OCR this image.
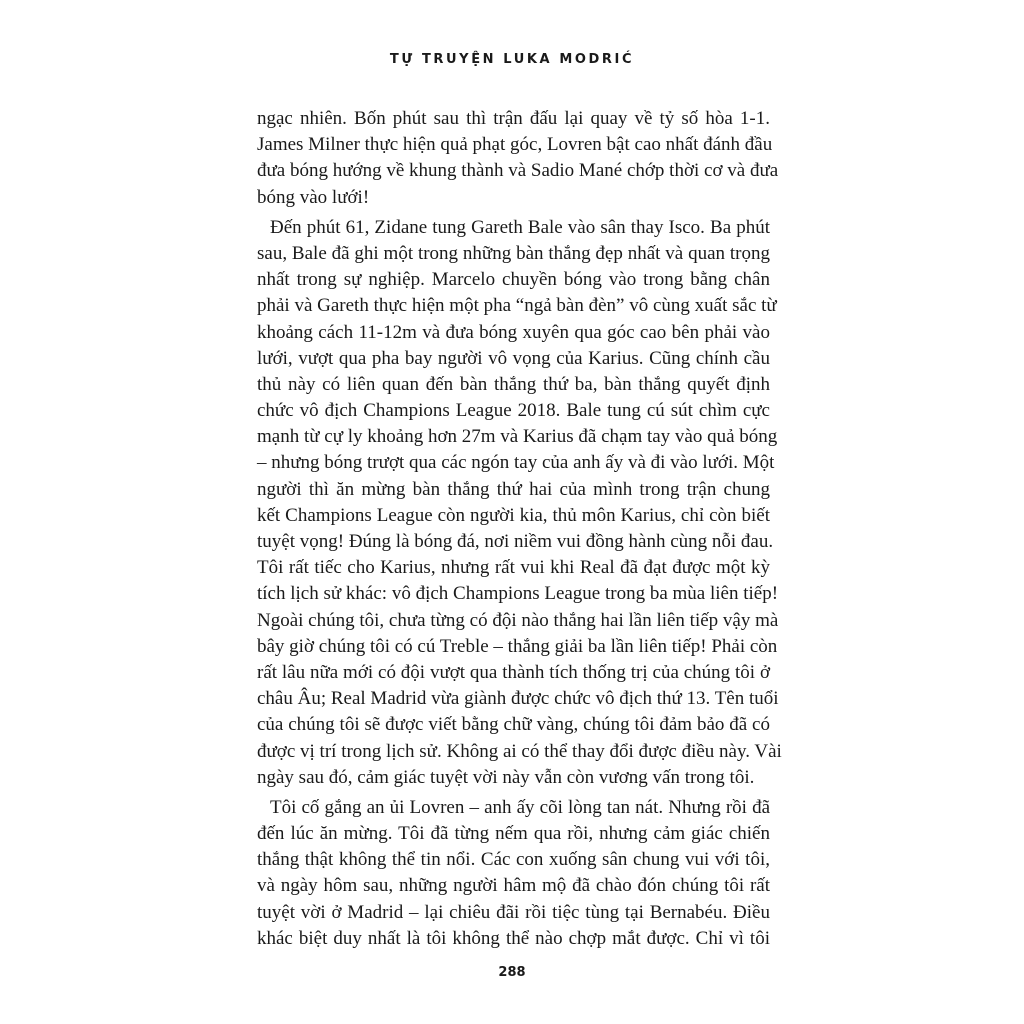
TỰ TRUYỆN LUKA MODRIĆ
ngạc nhiên. Bốn phút sau thì trận đấu lại quay về tỷ số hòa 1-1.
James Milner thực hiện quả phạt góc, Lovren bật cao nhất đánh đầu
đưa bóng hướng về khung thành và Sadio Mané chớp thời cơ và đưa
bóng vào lưới!
Đến phút 61, Zidane tung Gareth Bale vào sân thay Isco. Ba phút
sau, Bale đã ghi một trong những bàn thắng đẹp nhất và quan trọng
nhất trong sự nghiệp. Marcelo chuyền bóng vào trong bằng chân
phải và Gareth thực hiện một pha “ngả bàn đèn” vô cùng xuất sắc từ
khoảng cách 11-12m và đưa bóng xuyên qua góc cao bên phải vào
lưới, vượt qua pha bay người vô vọng của Karius. Cũng chính cầu
thủ này có liên quan đến bàn thắng thứ ba, bàn thắng quyết định
chức vô địch Champions League 2018. Bale tung cú sút chìm cực
mạnh từ cự ly khoảng hơn 27m và Karius đã chạm tay vào quả bóng
– nhưng bóng trượt qua các ngón tay của anh ấy và đi vào lưới. Một
người thì ăn mừng bàn thắng thứ hai của mình trong trận chung
kết Champions League còn người kia, thủ môn Karius, chỉ còn biết
tuyệt vọng! Đúng là bóng đá, nơi niềm vui đồng hành cùng nỗi đau.
Tôi rất tiếc cho Karius, nhưng rất vui khi Real đã đạt được một kỳ
tích lịch sử khác: vô địch Champions League trong ba mùa liên tiếp!
Ngoài chúng tôi, chưa từng có đội nào thắng hai lần liên tiếp vậy mà
bây giờ chúng tôi có cú Treble – thắng giải ba lần liên tiếp! Phải còn
rất lâu nữa mới có đội vượt qua thành tích thống trị của chúng tôi ở
châu Âu; Real Madrid vừa giành được chức vô địch thứ 13. Tên tuổi
của chúng tôi sẽ được viết bằng chữ vàng, chúng tôi đảm bảo đã có
được vị trí trong lịch sử. Không ai có thể thay đổi được điều này. Vài
ngày sau đó, cảm giác tuyệt vời này vẫn còn vương vấn trong tôi.
Tôi cố gắng an ủi Lovren – anh ấy cõi lòng tan nát. Nhưng rồi đã
đến lúc ăn mừng. Tôi đã từng nếm qua rồi, nhưng cảm giác chiến
thắng thật không thể tin nổi. Các con xuống sân chung vui với tôi,
và ngày hôm sau, những người hâm mộ đã chào đón chúng tôi rất
tuyệt vời ở Madrid – lại chiêu đãi rồi tiệc tùng tại Bernabéu. Điều
khác biệt duy nhất là tôi không thể nào chợp mắt được. Chỉ vì tôi
288
